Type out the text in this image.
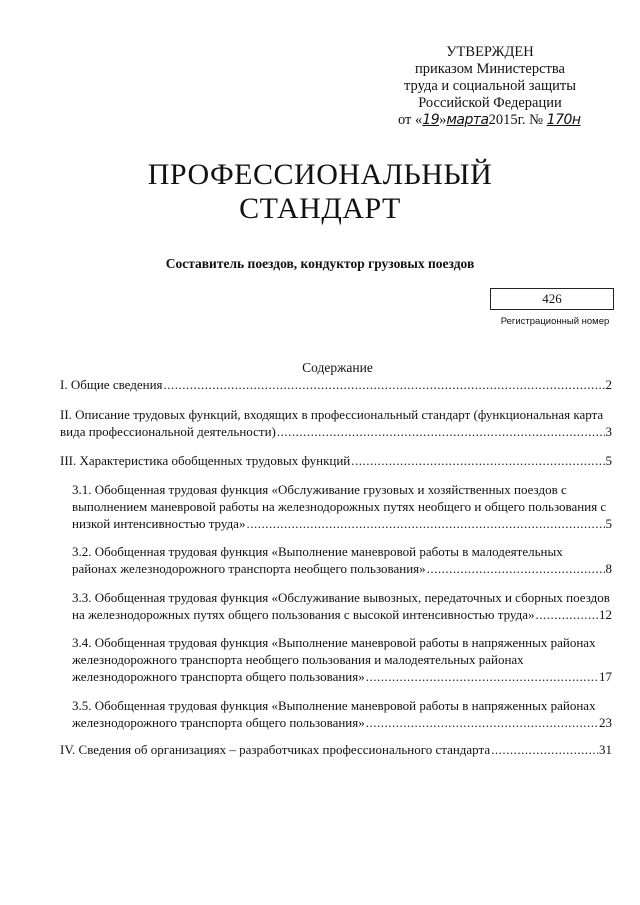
УТВЕРЖДЕН
приказом Министерства
труда и социальной защиты
Российской Федерации
от «19»марта2015г. № 170н
ПРОФЕССИОНАЛЬНЫЙ
СТАНДАРТ
Составитель поездов, кондуктор грузовых поездов
426
Регистрационный номер
Содержание
I. Общие сведения .....	2
II. Описание трудовых функций, входящих в профессиональный стандарт (функциональная карта
вида профессиональной деятельности) .....	3
III. Характеристика обобщенных трудовых функций .....	5
3.1. Обобщенная трудовая функция «Обслуживание грузовых и хозяйственных поездов с выполнением маневровой работы на железнодорожных путях необщего и общего пользования с
низкой интенсивностью труда» .....	5
3.2. Обобщенная трудовая функция «Выполнение маневровой работы в малодеятельных
районах железнодорожного транспорта необщего пользования» .....	8
3.3. Обобщенная трудовая функция «Обслуживание вывозных, передаточных и сборных поездов
на железнодорожных путях общего пользования с высокой интенсивностью труда» .....	12
3.4. Обобщенная трудовая функция «Выполнение маневровой работы в напряженных районах железнодорожного транспорта необщего пользования и малодеятельных районах
железнодорожного транспорта общего пользования» .....	17
3.5. Обобщенная трудовая функция «Выполнение маневровой работы в напряженных районах
железнодорожного транспорта общего пользования» .....	23
IV. Сведения об организациях – разработчиках профессионального стандарта .....	31
